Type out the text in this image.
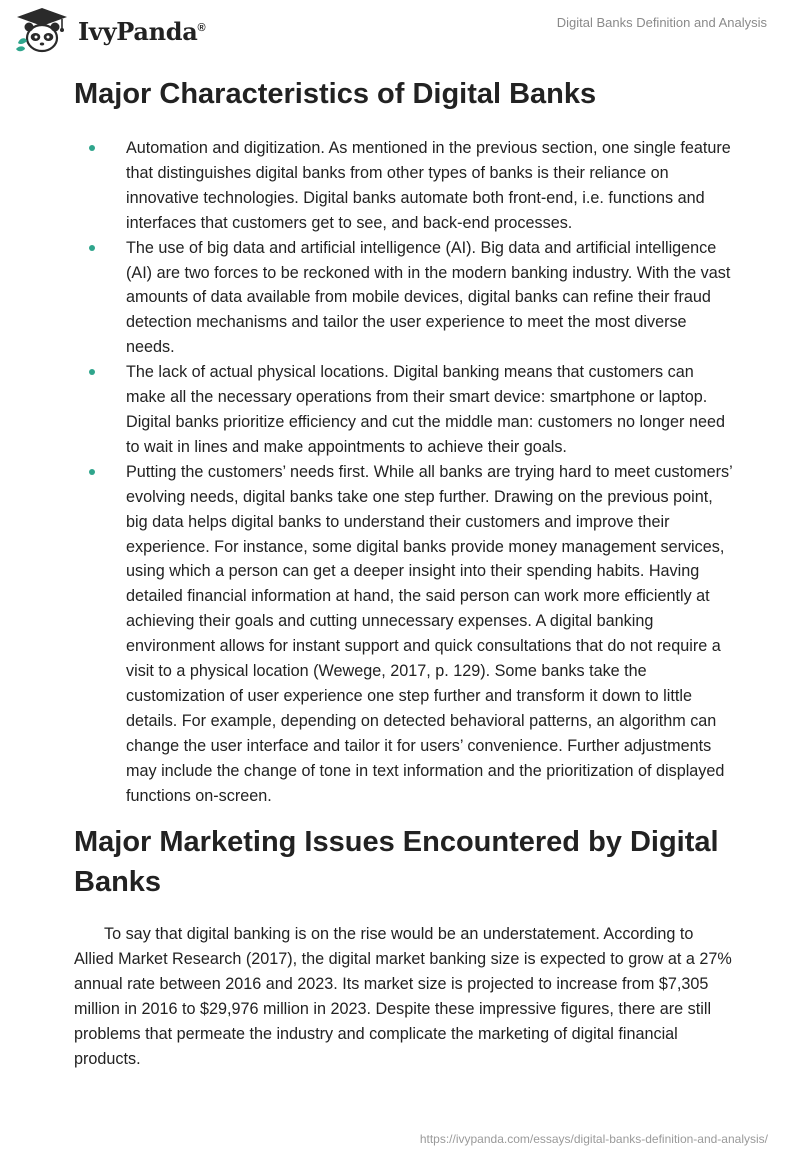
IvyPanda®	Digital Banks Definition and Analysis
Major Characteristics of Digital Banks
Automation and digitization. As mentioned in the previous section, one single feature that distinguishes digital banks from other types of banks is their reliance on innovative technologies. Digital banks automate both front-end, i.e. functions and interfaces that customers get to see, and back-end processes.
The use of big data and artificial intelligence (AI). Big data and artificial intelligence (AI) are two forces to be reckoned with in the modern banking industry. With the vast amounts of data available from mobile devices, digital banks can refine their fraud detection mechanisms and tailor the user experience to meet the most diverse needs.
The lack of actual physical locations. Digital banking means that customers can make all the necessary operations from their smart device: smartphone or laptop. Digital banks prioritize efficiency and cut the middle man: customers no longer need to wait in lines and make appointments to achieve their goals.
Putting the customers’ needs first. While all banks are trying hard to meet customers’ evolving needs, digital banks take one step further. Drawing on the previous point, big data helps digital banks to understand their customers and improve their experience. For instance, some digital banks provide money management services, using which a person can get a deeper insight into their spending habits. Having detailed financial information at hand, the said person can work more efficiently at achieving their goals and cutting unnecessary expenses. A digital banking environment allows for instant support and quick consultations that do not require a visit to a physical location (Wewege, 2017, p. 129). Some banks take the customization of user experience one step further and transform it down to little details. For example, depending on detected behavioral patterns, an algorithm can change the user interface and tailor it for users’ convenience. Further adjustments may include the change of tone in text information and the prioritization of displayed functions on-screen.
Major Marketing Issues Encountered by Digital Banks

To say that digital banking is on the rise would be an understatement. According to Allied Market Research (2017), the digital market banking size is expected to grow at a 27% annual rate between 2016 and 2023. Its market size is projected to increase from $7,305 million in 2016 to $29,976 million in 2023. Despite these impressive figures, there are still problems that permeate the industry and complicate the marketing of digital financial products.

https://ivypanda.com/essays/digital-banks-definition-and-analysis/
